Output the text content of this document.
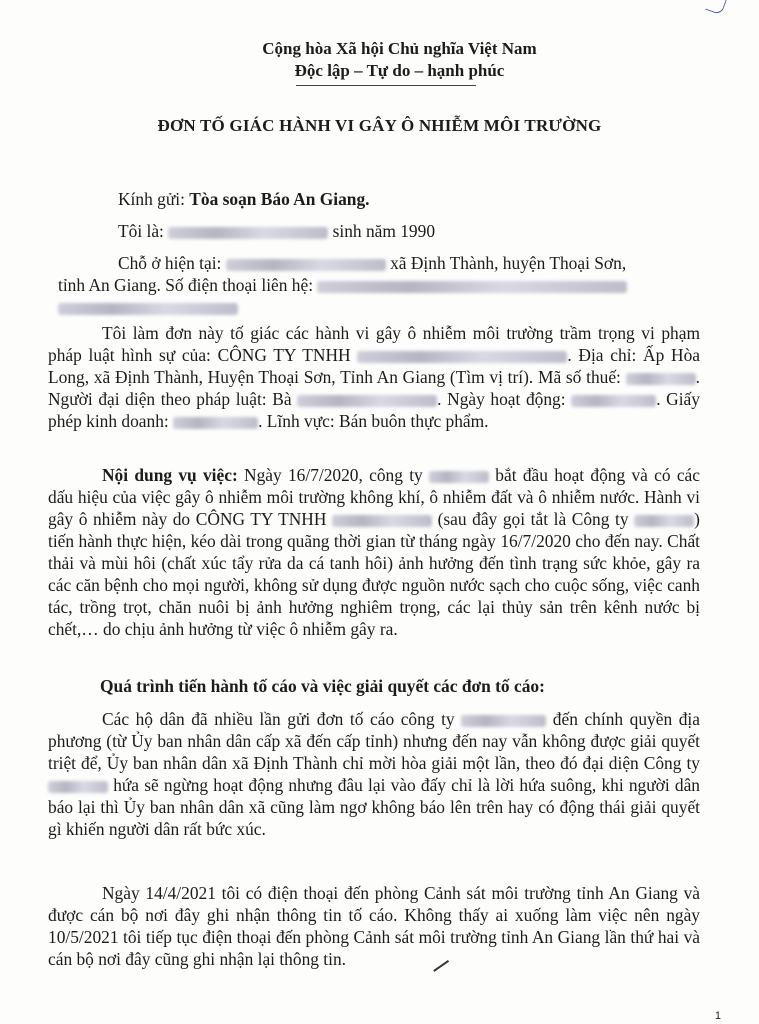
Cộng hòa Xã hội Chủ nghĩa Việt Nam
Độc lập – Tự do – hạnh phúc
ĐƠN TỐ GIÁC HÀNH VI GÂY Ô NHIỄM MÔI TRƯỜNG
Kính gửi: Tòa soạn Báo An Giang.
Tôi là:	sinh năm 1990
Chỗ ở hiện tại:	xã Định Thành, huyện Thoại Sơn,
tỉnh An Giang. Số điện thoại liên hệ:
Tôi làm đơn này tố giác các hành vi gây ô nhiễm môi trường trầm trọng vi phạm pháp luật hình sự của: CÔNG TY TNHH	. Địa chỉ: Ấp Hòa Long, xã Định Thành, Huyện Thoại Sơn, Tỉnh An Giang (Tìm vị trí). Mã số thuế:	. Người đại diện theo pháp luật: Bà	. Ngày hoạt động:	. Giấy phép kinh doanh:	. Lĩnh vực: Bán buôn thực phẩm.
Nội dung vụ việc: Ngày 16/7/2020, công ty	bắt đầu hoạt động và có các dấu hiệu của việc gây ô nhiễm môi trường không khí, ô nhiễm đất và ô nhiễm nước. Hành vi gây ô nhiễm này do CÔNG TY TNHH	(sau đây gọi tắt là Công ty	) tiến hành thực hiện, kéo dài trong quãng thời gian từ tháng ngày 16/7/2020 cho đến nay. Chất thải và mùi hôi (chất xúc tẩy rửa da cá tanh hôi) ảnh hưởng đến tình trạng sức khỏe, gây ra các căn bệnh cho mọi người, không sử dụng được nguồn nước sạch cho cuộc sống, việc canh tác, trồng trọt, chăn nuôi bị ảnh hưởng nghiêm trọng, các lại thủy sản trên kênh nước bị chết,… do chịu ảnh hưởng từ việc ô nhiễm gây ra.
Quá trình tiến hành tố cáo và việc giải quyết các đơn tố cáo:
Các hộ dân đã nhiều lần gửi đơn tố cáo công ty	đến chính quyền địa phương (từ Ủy ban nhân dân cấp xã đến cấp tỉnh) nhưng đến nay vẫn không được giải quyết triệt để, Ủy ban nhân dân xã Định Thành chỉ mời hòa giải một lần, theo đó đại diện Công ty  hứa sẽ ngừng hoạt động nhưng đâu lại vào đấy chỉ là lời hứa suông, khi người dân báo lại thì Ủy ban nhân dân xã cũng làm ngơ không báo lên trên hay có động thái giải quyết gì khiến người dân rất bức xúc.
Ngày 14/4/2021 tôi có điện thoại đến phòng Cảnh sát môi trường tỉnh An Giang và được cán bộ nơi đây ghi nhận thông tin tố cáo. Không thấy ai xuống làm việc nên ngày 10/5/2021 tôi tiếp tục điện thoại đến phòng Cảnh sát môi trường tỉnh An Giang lần thứ hai và cán bộ nơi đây cũng ghi nhận lại thông tin.
1
